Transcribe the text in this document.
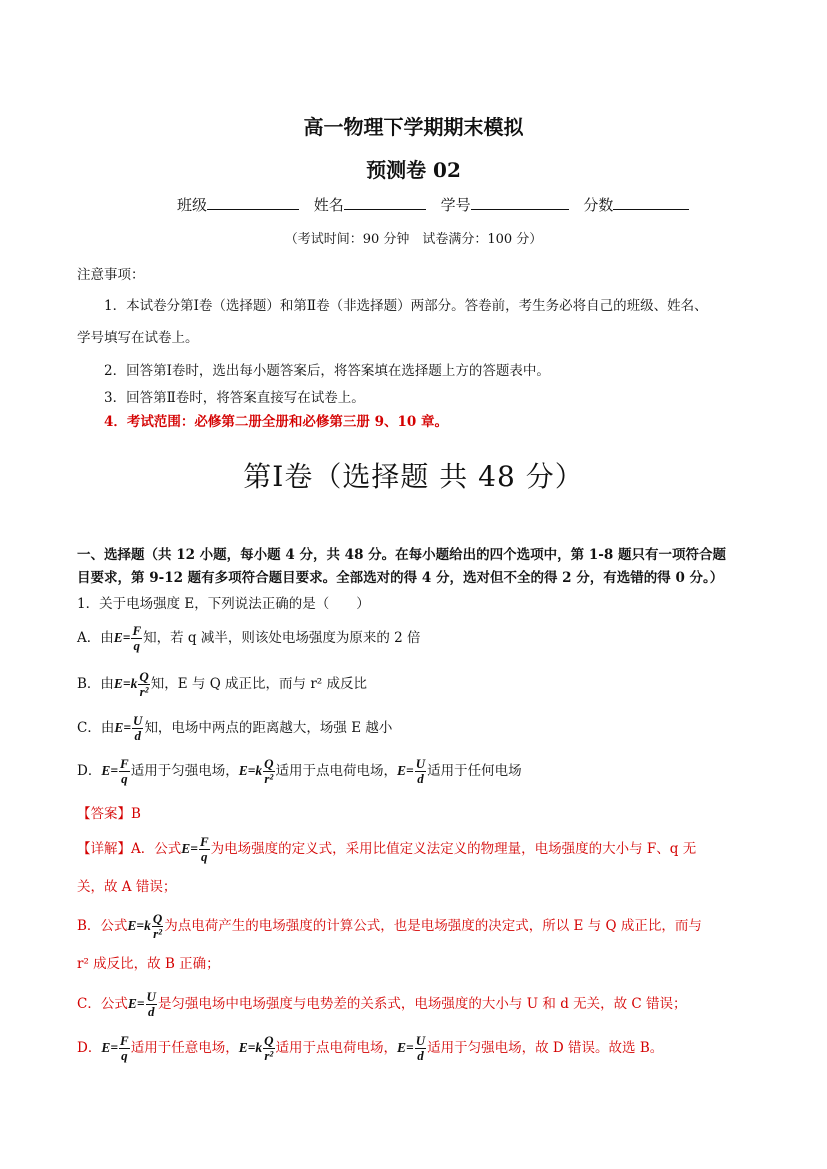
高一物理下学期期末模拟
预测卷 02
班级	姓名	学号	分数
（考试时间：90 分钟　试卷满分：100 分）
注意事项：
1．本试卷分第Ⅰ卷（选择题）和第Ⅱ卷（非选择题）两部分。答卷前，考生务必将自己的班级、姓名、
学号填写在试卷上。
2．回答第Ⅰ卷时，选出每小题答案后，将答案填在选择题上方的答题表中。
3．回答第Ⅱ卷时，将答案直接写在试卷上。
4．考试范围：必修第二册全册和必修第三册 9、10 章。
第Ⅰ卷（选择题 共 48 分）
一、选择题（共 12 小题，每小题 4 分，共 48 分。在每小题给出的四个选项中，第 1-8 题只有一项符合题
目要求，第 9-12 题有多项符合题目要求。全部选对的得 4 分，选对但不全的得 2 分，有选错的得 0 分。）
1．关于电场强度 E，下列说法正确的是（　　）
A．由$E= \frac{F}{q}$ 知，若 q 减半，则该处电场强度为原来的 2 倍
B．由$E=k \frac{Q}{\text{r²}}$ 知，E 与 Q 成正比，而与 r² 成反比
C．由$E= \frac{U}{d}$ 知，电场中两点的距离越大，场强 E 越小
D．$E= \frac{F}{q}$ 适用于匀强电场，$E=k \frac{Q}{\text{r²}}$ 适用于点电荷电场，$E= \frac{U}{d}$ 适用于任何电场
【答案】B
【详解】A．公式$E= \frac{F}{q}$ 为电场强度的定义式，采用比值定义法定义的物理量，电场强度的大小与 F、q 无
关，故 A 错误；
B．公式$E=k \frac{Q}{\text{r²}}$ 为点电荷产生的电场强度的计算公式，也是电场强度的决定式，所以 E 与 Q 成正比，而与
r² 成反比，故 B 正确；
C．公式$E= \frac{U}{d}$ 是匀强电场中电场强度与电势差的关系式，电场强度的大小与 U 和 d 无关，故 C 错误；
D．$E= \frac{F}{q}$ 适用于任意电场，$E=k \frac{Q}{\text{r²}}$ 适用于点电荷电场，$E= \frac{U}{d}$ 适用于匀强电场，故 D 错误。故选 B。
